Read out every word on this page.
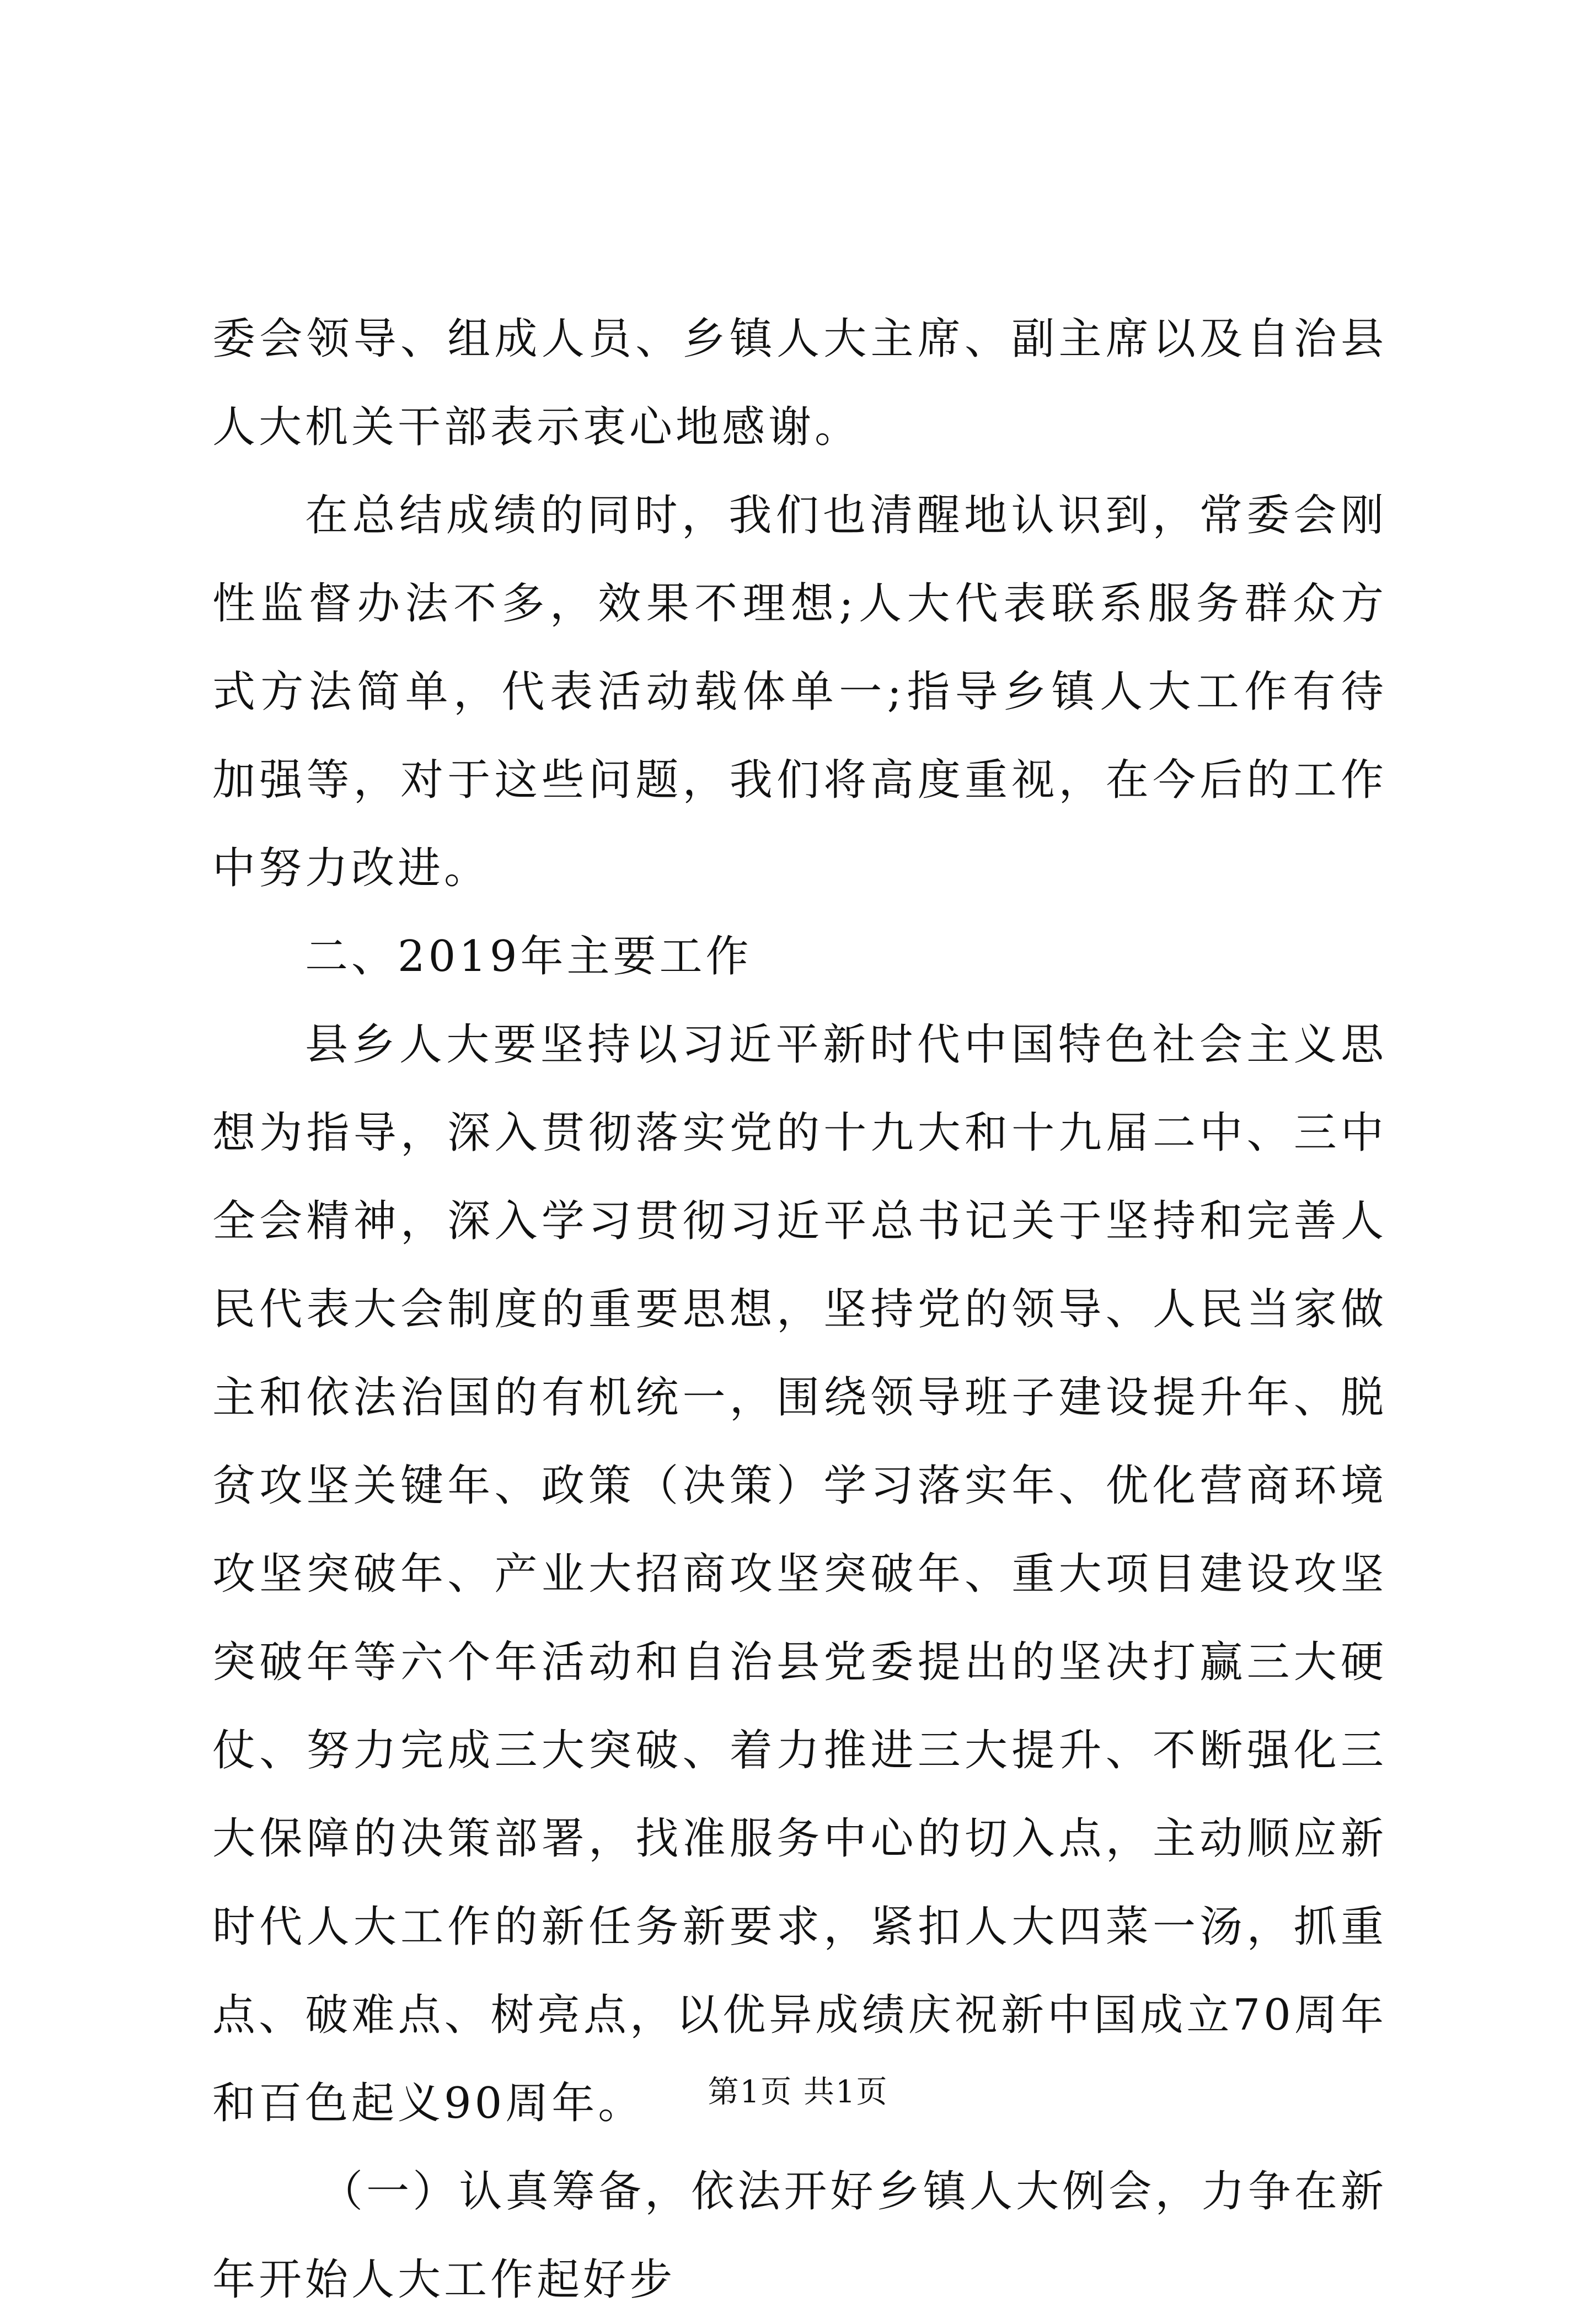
委会领导、组成人员、乡镇人大主席、副主席以及自治县人大机关干部表示衷心地感谢。

在总结成绩的同时，我们也清醒地认识到，常委会刚性监督办法不多，效果不理想;人大代表联系服务群众方式方法简单，代表活动载体单一;指导乡镇人大工作有待加强等，对于这些问题，我们将高度重视，在今后的工作中努力改进。

二、2019年主要工作

县乡人大要坚持以习近平新时代中国特色社会主义思想为指导，深入贯彻落实党的十九大和十九届二中、三中全会精神，深入学习贯彻习近平总书记关于坚持和完善人民代表大会制度的重要思想，坚持党的领导、人民当家做主和依法治国的有机统一，围绕领导班子建设提升年、脱贫攻坚关键年、政策（决策）学习落实年、优化营商环境攻坚突破年、产业大招商攻坚突破年、重大项目建设攻坚突破年等六个年活动和自治县党委提出的坚决打赢三大硬仗、努力完成三大突破、着力推进三大提升、不断强化三大保障的决策部署，找准服务中心的切入点，主动顺应新时代人大工作的新任务新要求，紧扣人大四菜一汤，抓重点、破难点、树亮点，以优异成绩庆祝新中国成立70周年和百色起义90周年。

（一）认真筹备，依法开好乡镇人大例会，力争在新年开始人大工作起好步

第1页 共1页
